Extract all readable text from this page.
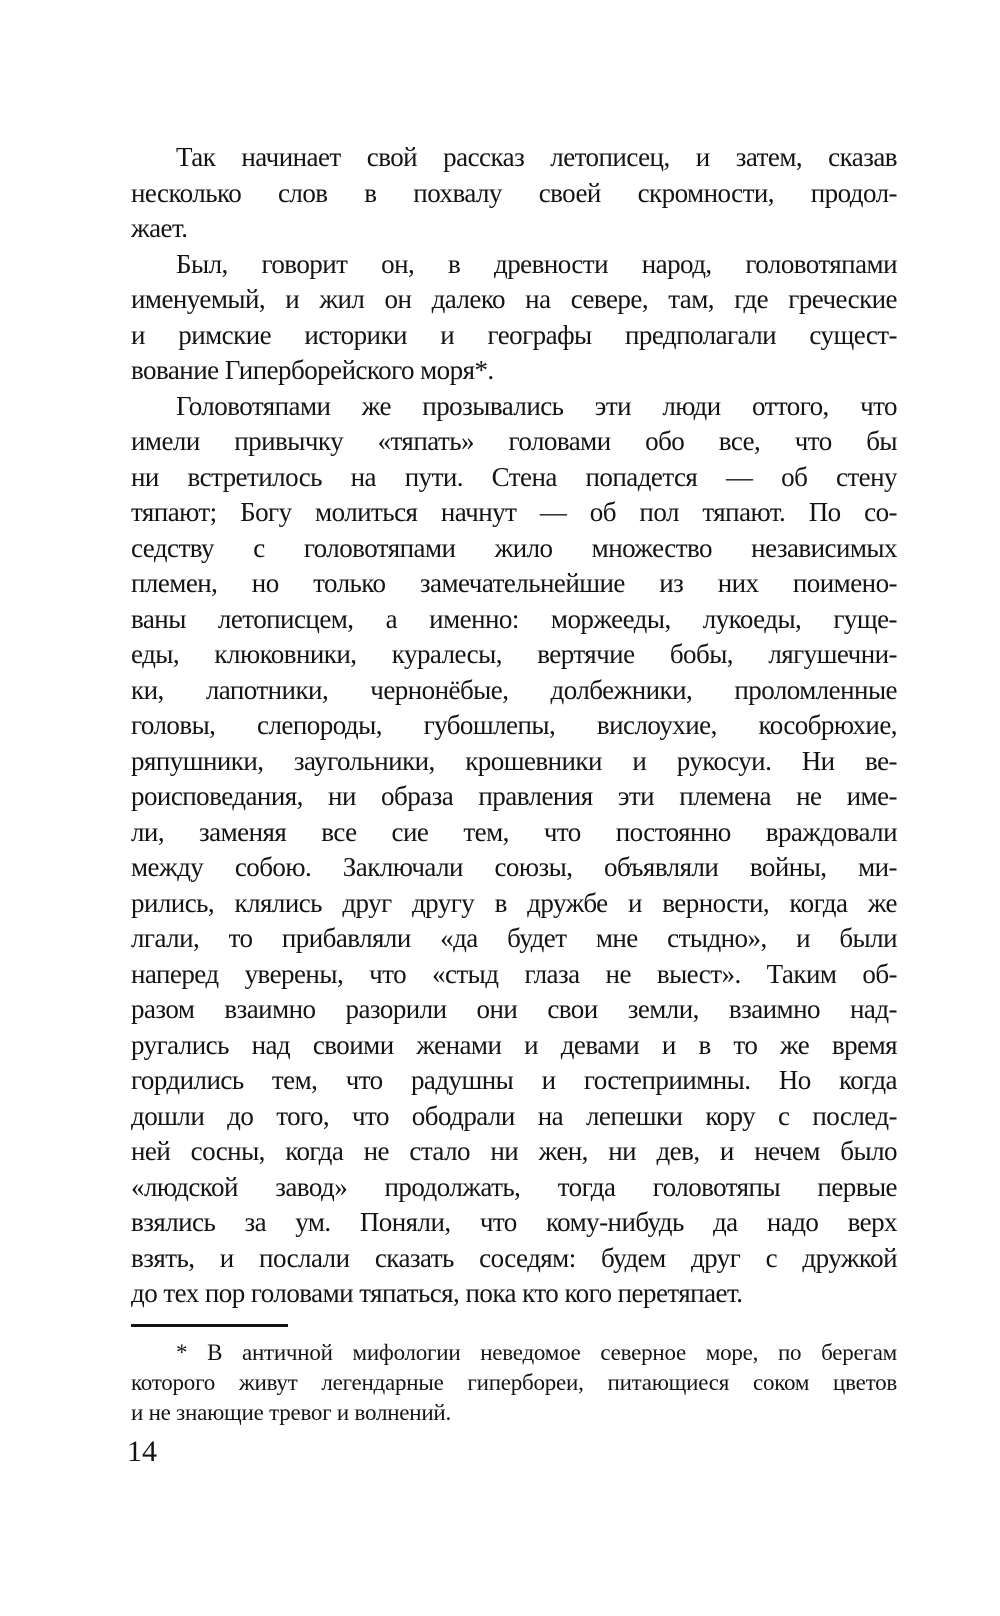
Так начинает свой рассказ летописец, и затем, сказав
несколько слов в похвалу своей скромности, продол-
жает.
Был, говорит он, в древности народ, головотяпами
именуемый, и жил он далеко на севере, там, где греческие
и римские историки и географы предполагали сущест-
вование Гиперборейского моря*.
Головотяпами же прозывались эти люди оттого, что
имели привычку «тяпать» головами обо все, что бы
ни встретилось на пути. Стена попадется — об стену
тяпают; Богу молиться начнут — об пол тяпают. По со-
седству с головотяпами жило множество независимых
племен, но только замечательнейшие из них поимено-
ваны летописцем, а именно: моржееды, лукоеды, гуще-
еды, клюковники, куралесы, вертячие бобы, лягушечни-
ки, лапотники, чернонёбые, долбежники, проломленные
головы, слепороды, губошлепы, вислоухие, кособрюхие,
ряпушники, заугольники, крошевники и рукосуи. Ни ве-
роисповедания, ни образа правления эти племена не име-
ли, заменяя все сие тем, что постоянно враждовали
между собою. Заключали союзы, объявляли войны, ми-
рились, клялись друг другу в дружбе и верности, когда же
лгали, то прибавляли «да будет мне стыдно», и были
наперед уверены, что «стыд глаза не выест». Таким об-
разом взаимно разорили они свои земли, взаимно над-
ругались над своими женами и девами и в то же время
гордились тем, что радушны и гостеприимны. Но когда
дошли до того, что ободрали на лепешки кору с послед-
ней сосны, когда не стало ни жен, ни дев, и нечем было
«людской завод» продолжать, тогда головотяпы первые
взялись за ум. Поняли, что кому-нибудь да надо верх
взять, и послали сказать соседям: будем друг с дружкой
до тех пор головами тяпаться, пока кто кого перетяпает.
* В античной мифологии неведомое северное море, по берегам
которого живут легендарные гипербореи, питающиеся соком цветов
и не знающие тревог и волнений.
14
